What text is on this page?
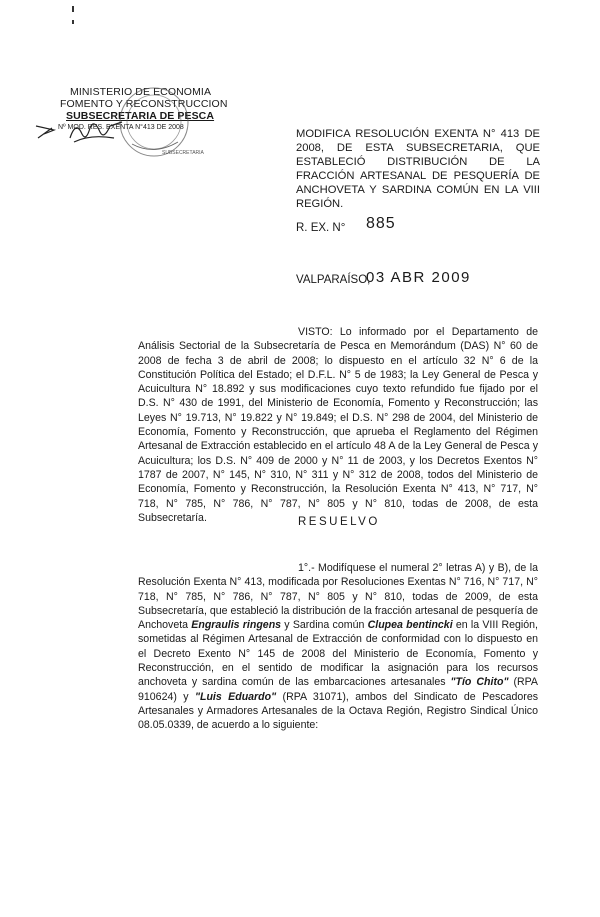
MINISTERIO DE ECONOMIA
FOMENTO Y RECONSTRUCCION
SUBSECRETARIA DE PESCA
Nº MOD. RES. EXENTA N°413 DE 2008
SUBSECRETARIA
MODIFICA RESOLUCIÓN EXENTA N° 413 DE 2008, DE ESTA SUBSECRETARIA, QUE ESTABLECIÓ DISTRIBUCIÓN DE LA FRACCIÓN ARTESANAL DE PESQUERÍA DE ANCHOVETA Y SARDINA COMÚN EN LA VIII REGIÓN.
R. EX. N° 885
VALPARAÍSO,
03 ABR 2009

VISTO: Lo informado por el Departamento de Análisis Sectorial de la Subsecretaría de Pesca en Memorándum (DAS) N° 60 de 2008 de fecha 3 de abril de 2008; lo dispuesto en el artículo 32 N° 6 de la Constitución Política del Estado; el D.F.L. N° 5 de 1983; la Ley General de Pesca y Acuicultura N° 18.892 y sus modificaciones cuyo texto refundido fue fijado por el D.S. N° 430 de 1991, del Ministerio de Economía, Fomento y Reconstrucción; las Leyes N° 19.713, N° 19.822 y N° 19.849; el D.S. N° 298 de 2004, del Ministerio de Economía, Fomento y Reconstrucción, que aprueba el Reglamento del Régimen Artesanal de Extracción establecido en el artículo 48 A de la Ley General de Pesca y Acuicultura; los D.S. N° 409 de 2000 y N° 11 de 2003, y los Decretos Exentos N° 1787 de 2007, N° 145, N° 310, N° 311 y N° 312 de 2008, todos del Ministerio de Economía, Fomento y Reconstrucción, la Resolución Exenta N° 413, N° 717, N° 718, N° 785, N° 786, N° 787, N° 805 y N° 810, todas de 2008, de esta Subsecretaría.	RESUELVO

1°.- Modifíquese el numeral 2° letras A) y B), de la Resolución Exenta N° 413, modificada por Resoluciones Exentas N° 716, N° 717, N° 718, N° 785, N° 786, N° 787, N° 805 y N° 810, todas de 2009, de esta Subsecretaría, que estableció la distribución de la fracción artesanal de pesquería de Anchoveta Engraulis ringens y Sardina común Clupea bentincki en la VIII Región, sometidas al Régimen Artesanal de Extracción de conformidad con lo dispuesto en el Decreto Exento N° 145 de 2008 del Ministerio de Economía, Fomento y Reconstrucción, en el sentido de modificar la asignación para los recursos anchoveta y sardina común de las embarcaciones artesanales "Tío Chito" (RPA 910624) y "Luis Eduardo" (RPA 31071), ambos del Sindicato de Pescadores Artesanales y Armadores Artesanales de la Octava Región, Registro Sindical Único 08.05.0339, de acuerdo a lo siguiente:
